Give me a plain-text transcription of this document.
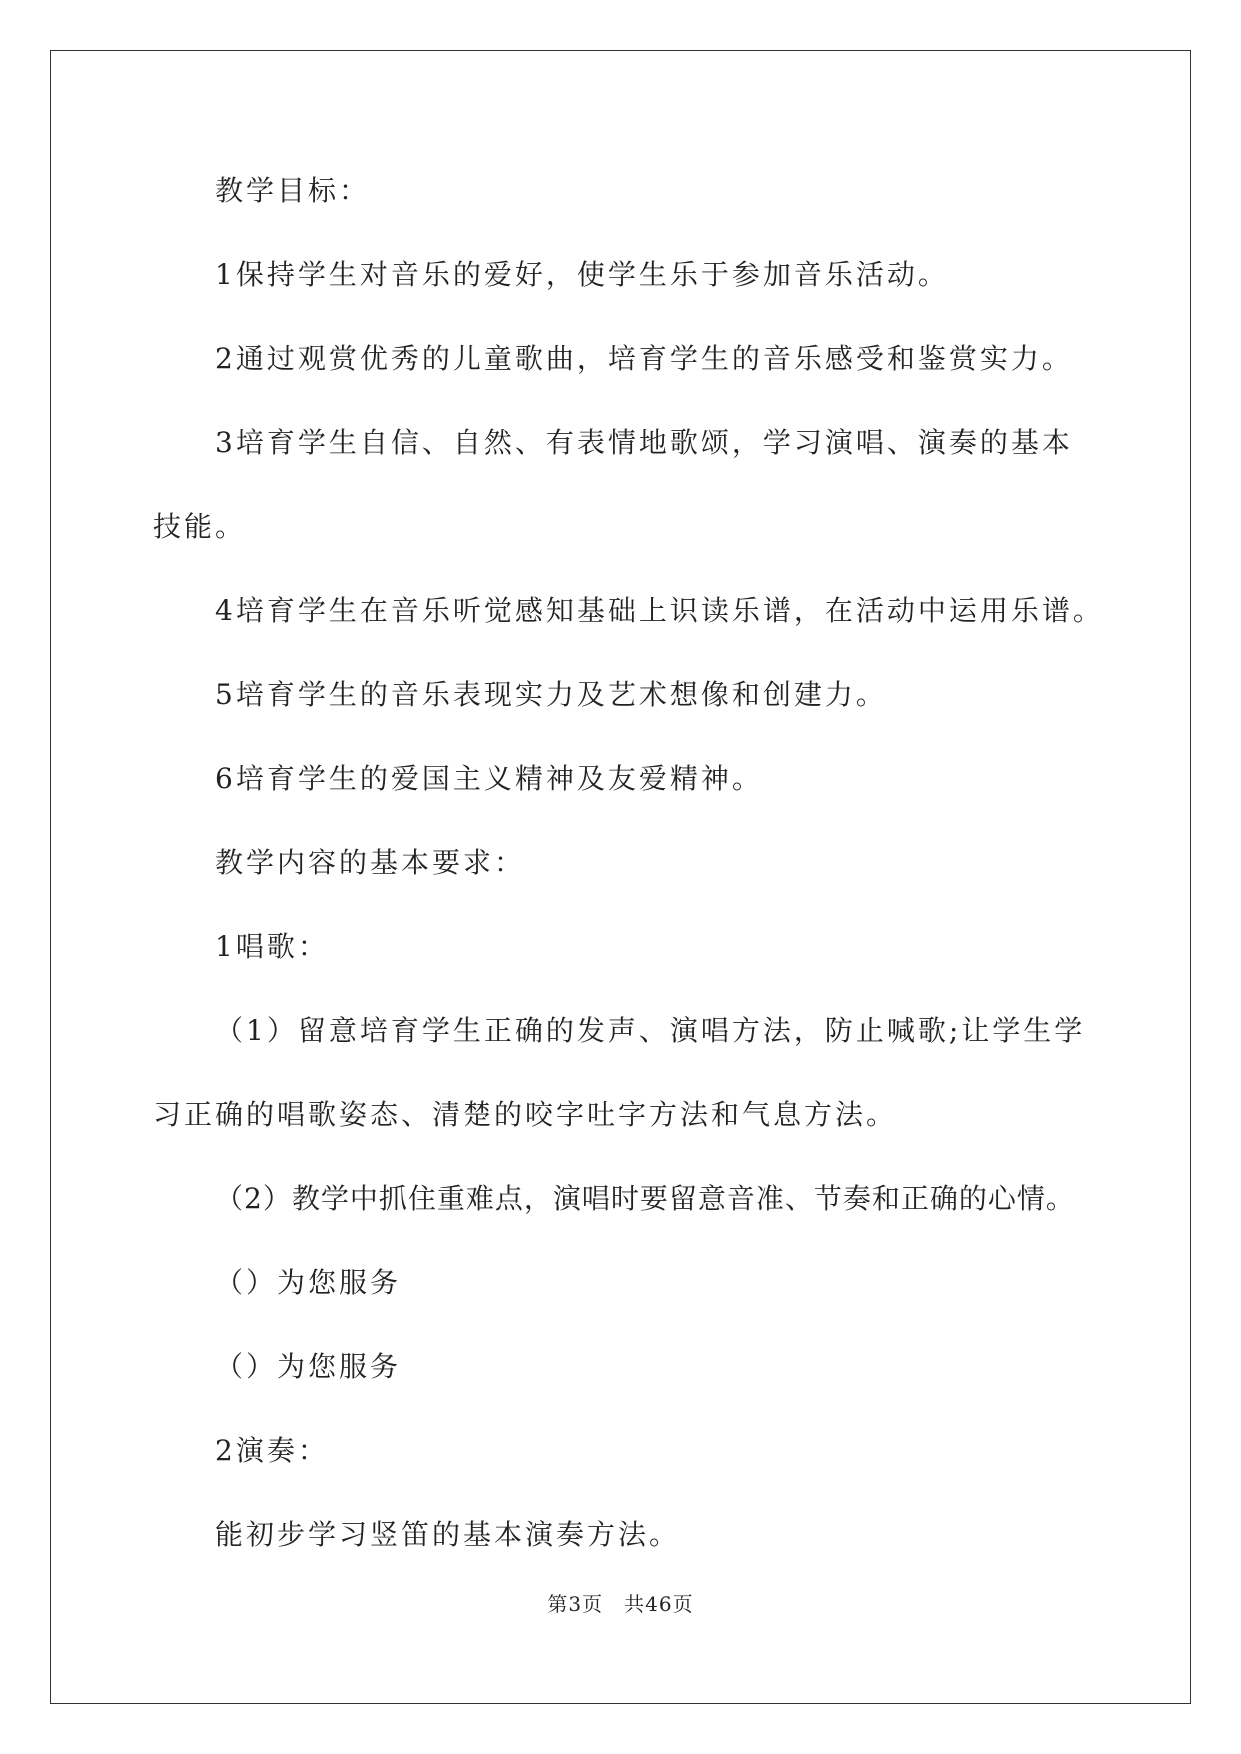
教学目标：

1保持学生对音乐的爱好，使学生乐于参加音乐活动。

2通过观赏优秀的儿童歌曲，培育学生的音乐感受和鉴赏实力。

3培育学生自信、自然、有表情地歌颂，学习演唱、演奏的基本
技能。

4培育学生在音乐听觉感知基础上识读乐谱，在活动中运用乐谱。

5培育学生的音乐表现实力及艺术想像和创建力。

6培育学生的爱国主义精神及友爱精神。

教学内容的基本要求：

1唱歌：

（1）留意培育学生正确的发声、演唱方法，防止喊歌;让学生学
习正确的唱歌姿态、清楚的咬字吐字方法和气息方法。

（2）教学中抓住重难点，演唱时要留意音准、节奏和正确的心情。

（）为您服务

（）为您服务

2演奏：

能初步学习竖笛的基本演奏方法。

第3页　共46页
